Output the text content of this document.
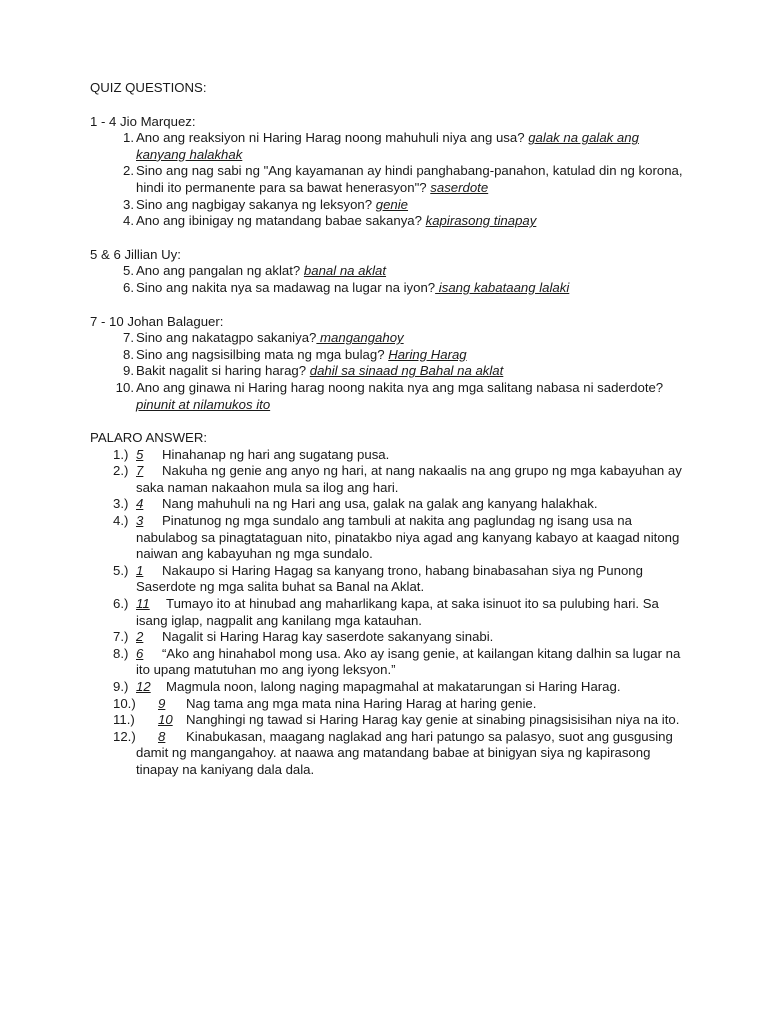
QUIZ QUESTIONS:

1 - 4 Jio Marquez:

1. Ano ang reaksiyon ni Haring Harag noong mahuhuli niya ang usa? galak na galak ang kanyang halakhak
2. Sino ang nag sabi ng "Ang kayamanan ay hindi panghabang-panahon, katulad din ng korona, hindi ito permanente para sa bawat henerasyon"? saserdote
3. Sino ang nagbigay sakanya ng leksyon? genie
4. Ano ang ibinigay ng matandang babae sakanya? kapirasong tinapay

5 & 6 Jillian Uy:

5. Ano ang pangalan ng aklat? banal na aklat
6. Sino ang nakita nya sa madawag na lugar na iyon? isang kabataang lalaki

7 - 10 Johan Balaguer:

7. Sino ang nakatagpo sakaniya? mangangahoy
8. Sino ang nagsisilbing mata ng mga bulag? Haring Harag
9. Bakit nagalit si haring harag? dahil sa sinaad ng Bahal na aklat
10. Ano ang ginawa ni Haring harag noong nakita nya ang mga salitang nabasa ni saderdote? pinunit at nilamukos ito

PALARO ANSWER:

1.) 5 Hinahanap ng hari ang sugatang pusa.
2.) 7 Nakuha ng genie ang anyo ng hari, at nang nakaalis na ang grupo ng mga kabayuhan ay saka naman nakaahon mula sa ilog ang hari.
3.) 4 Nang mahuhuli na ng Hari ang usa, galak na galak ang kanyang halakhak.
4.) 3 Pinatunog ng mga sundalo ang tambuli at nakita ang paglundag ng isang usa na nabulabog sa pinagtataguan nito, pinatakbo niya agad ang kanyang kabayo at kaagad nitong naiwan ang kabayuhan ng mga sundalo.
5.) 1 Nakaupo si Haring Hagag sa kanyang trono, habang binabasahan siya ng Punong Saserdote ng mga salita buhat sa Banal na Aklat.
6.) 11 Tumayo ito at hinubad ang maharlikang kapa, at saka isinuot ito sa pulubing hari. Sa isang iglap, nagpalit ang kanilang mga katauhan.
7.) 2 Nagalit si Haring Harag kay saserdote sakanyang sinabi.
8.) 6 “Ako ang hinahabol mong usa. Ako ay isang genie, at kailangan kitang dalhin sa lugar na ito upang matutuhan mo ang iyong leksyon.”
9.) 12 Magmula noon, lalong naging mapagmahal at makatarungan si Haring Harag.
10.) 9 Nag tama ang mga mata nina Haring Harag at haring genie.
11.) 10 Nanghingi ng tawad si Haring Harag kay genie at sinabing pinagsisisihan niya na ito.
12.) 8 Kinabukasan, maagang naglakad ang hari patungo sa palasyo, suot ang gusgusing damit ng mangangahoy. at naawa ang matandang babae at binigyan siya ng kapirasong tinapay na kaniyang dala dala.
